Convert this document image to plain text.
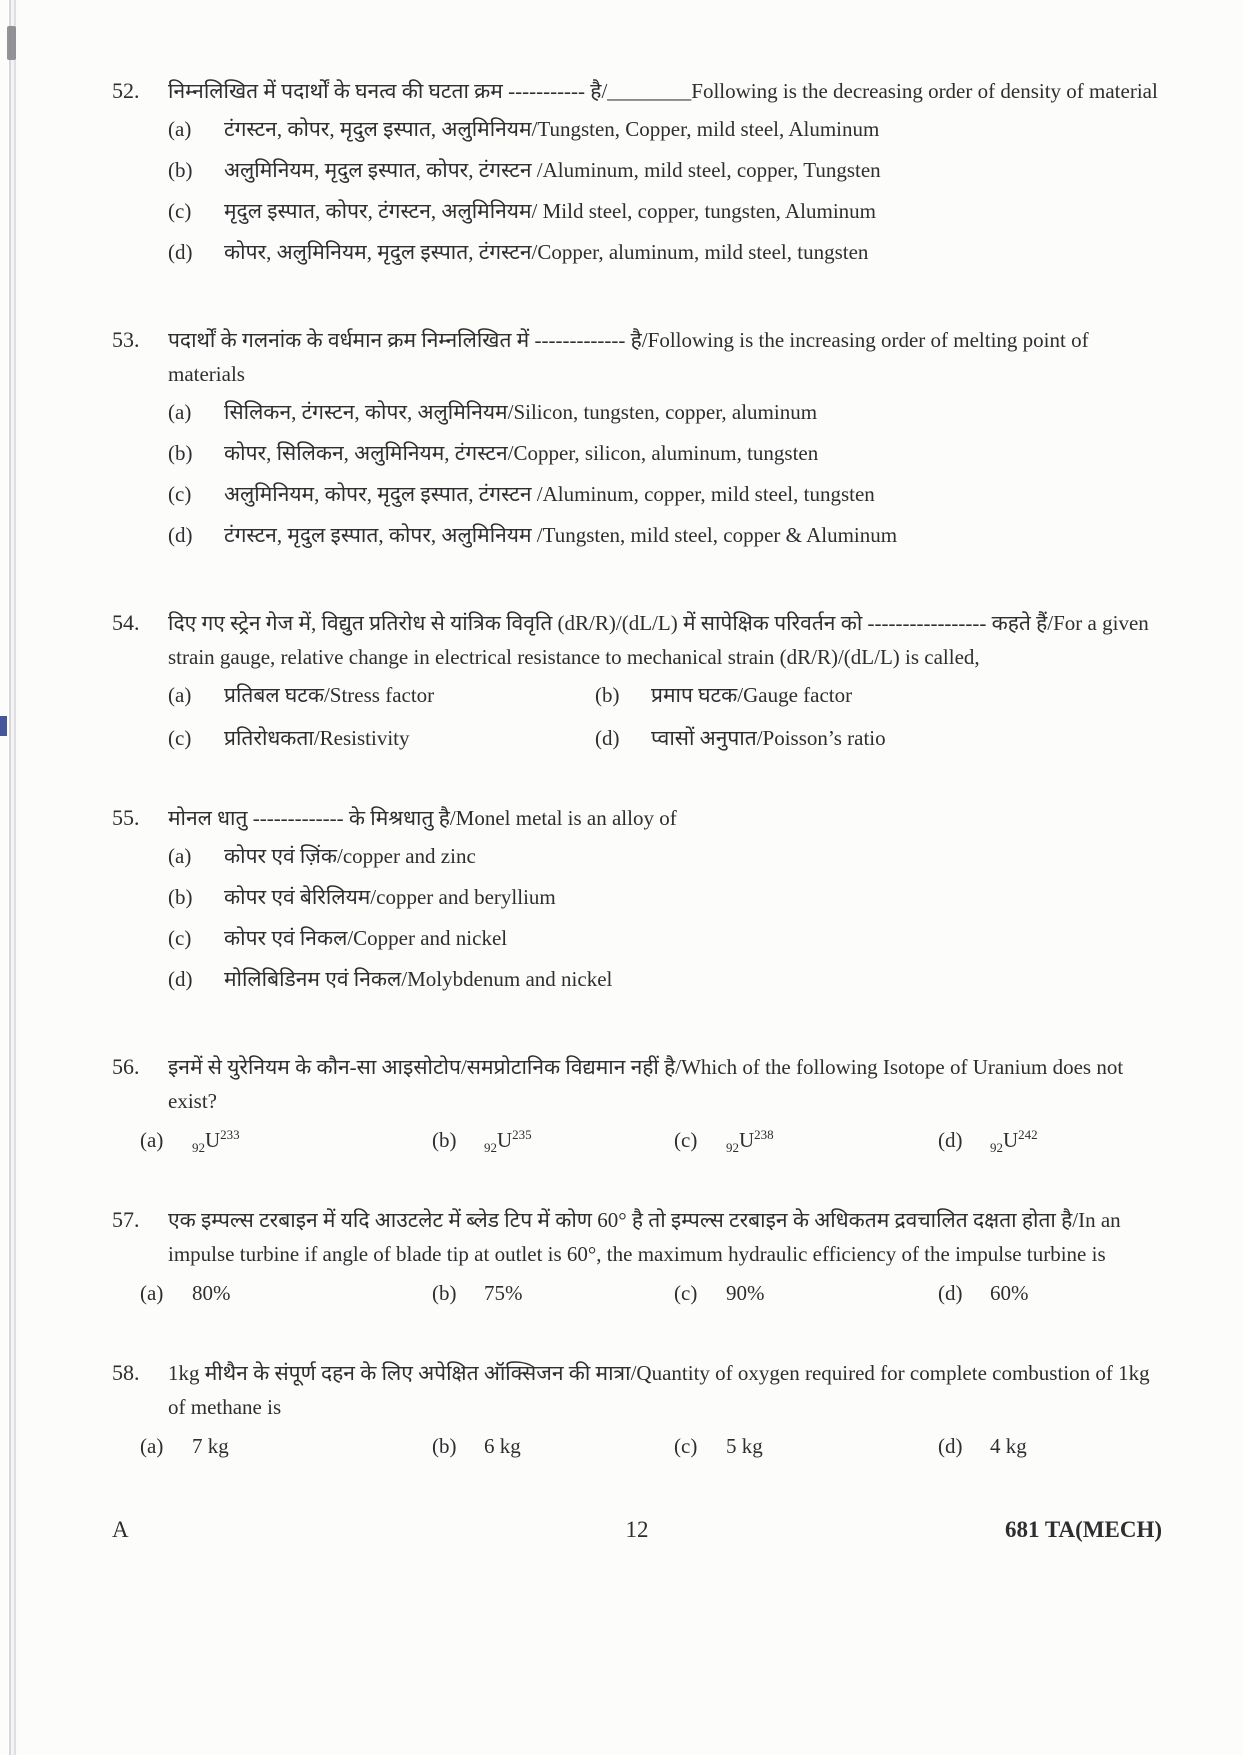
52.	निम्नलिखित में पदार्थों के घनत्व की घटता क्रम ----------- है/________Following is the decreasing order of density of material

(a)	टंगस्टन, कोपर, मृदुल इस्पात, अलुमिनियम/Tungsten, Copper, mild steel, Aluminum
(b)	अलुमिनियम, मृदुल इस्पात, कोपर, टंगस्टन /Aluminum, mild steel, copper, Tungsten
(c)	मृदुल इस्पात, कोपर, टंगस्टन, अलुमिनियम/ Mild steel, copper, tungsten, Aluminum
(d)	कोपर, अलुमिनियम, मृदुल इस्पात, टंगस्टन/Copper, aluminum, mild steel, tungsten
53.	पदार्थों के गलनांक के वर्धमान क्रम निम्नलिखित में ------------- है/Following is the increasing order of melting point of materials

(a)	सिलिकन, टंगस्टन, कोपर, अलुमिनियम/Silicon, tungsten, copper, aluminum
(b)	कोपर, सिलिकन, अलुमिनियम, टंगस्टन/Copper, silicon, aluminum, tungsten
(c)	अलुमिनियम, कोपर, मृदुल इस्पात, टंगस्टन /Aluminum, copper, mild steel, tungsten
(d)	टंगस्टन, मृदुल इस्पात, कोपर, अलुमिनियम /Tungsten, mild steel, copper & Aluminum
54.	दिए गए स्ट्रेन गेज में, विद्युत प्रतिरोध से यांत्रिक विवृति (dR/R)/(dL/L) में सापेक्षिक परिवर्तन को ----------------- कहते हैं/For a given strain gauge, relative change in electrical resistance to mechanical strain (dR/R)/(dL/L) is called,

(a)	प्रतिबल घटक/Stress factor	(b)	प्रमाप घटक/Gauge factor
(c)	प्रतिरोधकता/Resistivity	(d)	प्वासों अनुपात/Poisson’s ratio
55.	मोनल धातु ------------- के मिश्रधातु है/Monel metal is an alloy of

(a)	कोपर एवं ज़िंक/copper and zinc
(b)	कोपर एवं बेरिलियम/copper and beryllium
(c)	कोपर एवं निकल/Copper and nickel
(d)	मोलिबिडिनम एवं निकल/Molybdenum and nickel
56.	इनमें से युरेनियम के कौन-सा आइसोटोप/समप्रोटानिक विद्यमान नहीं है/Which of the following Isotope of Uranium does not exist?

(a)	$_{92}U^{233}$	(b)	$_{92}U^{235}$	(c)	$_{92}U^{238}$	(d)	$_{92}U^{242}$
57.	एक इम्पल्स टरबाइन में यदि आउटलेट में ब्लेड टिप में कोण 60° है तो इम्पल्स टरबाइन के अधिकतम द्रवचालित दक्षता होता है/In an impulse turbine if angle of blade tip at outlet is 60°, the maximum hydraulic efficiency of the impulse turbine is

(a)	80%	(b)	75%	(c)	90%	(d)	60%
58.	1kg मीथैन के संपूर्ण दहन के लिए अपेक्षित ऑक्सिजन की मात्रा/Quantity of oxygen required for complete combustion of 1kg of methane is

(a)	7 kg	(b)	6 kg	(c)	5 kg	(d)	4 kg
A	12	681 TA(MECH)
